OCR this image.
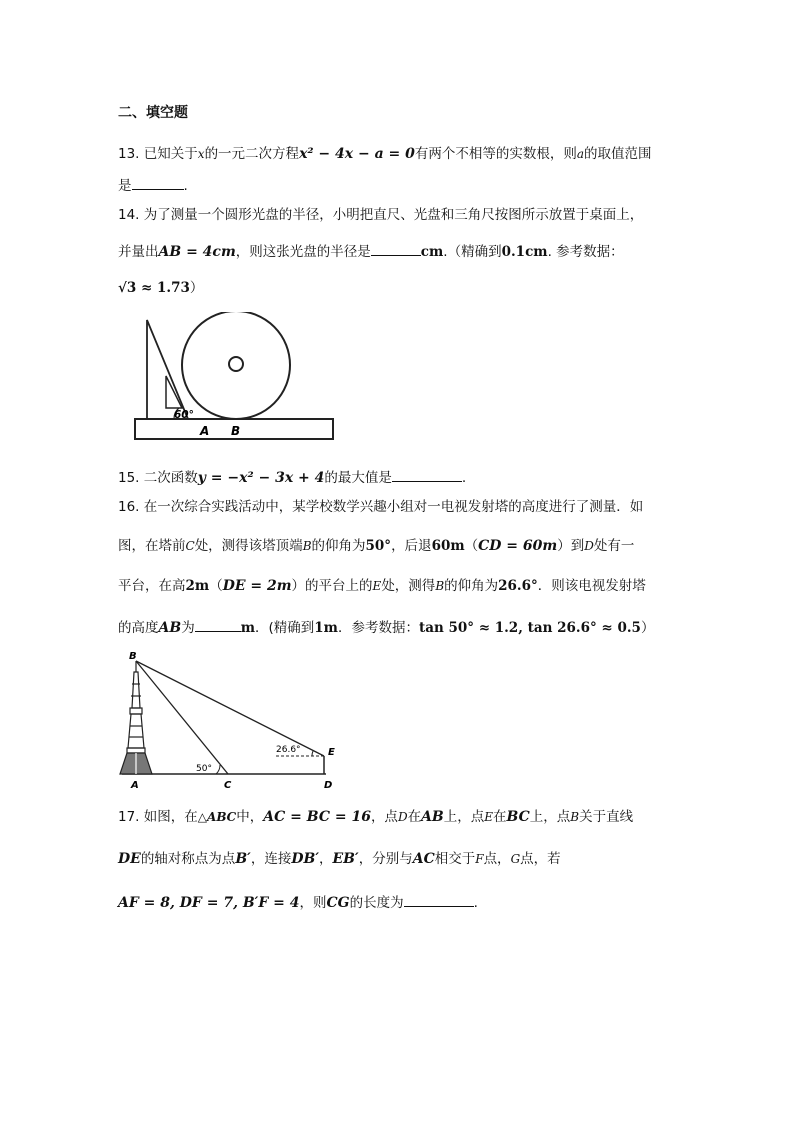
二、填空题
13. 已知关于x的一元二次方程x² − 4x − a = 0有两个不相等的实数根，则a的取值范围
是	.
14. 为了测量一个圆形光盘的半径，小明把直尺、光盘和三角尺按图所示放置于桌面上，
并量出AB = 4cm，则这张光盘的半径是	cm.（精确到0.1cm. 参考数据：
√3 ≈ 1.73）
60°
A B
15. 二次函数y = −x² − 3x + 4的最大值是	.
16. 在一次综合实践活动中，某学校数学兴趣小组对一电视发射塔的高度进行了测量．如
图，在塔前C处，测得该塔顶端B的仰角为50°，后退60m（CD = 60m）到D处有一
平台，在高2m（DE = 2m）的平台上的E处，测得B的仰角为26.6°．则该电视发射塔
的高度AB为	m．(精确到1m．参考数据：tan 50° ≈ 1.2, tan 26.6° ≈ 0.5）
B
A	C	D
E
50°
26.6°
17. 如图，在△ABC中，AC = BC = 16，点D在AB上，点E在BC上，点B关于直线
DE的轴对称点为点B′，连接DB′，EB′，分别与AC相交于F点，G点，若
AF = 8, DF = 7, B′F = 4，则CG的长度为	.
